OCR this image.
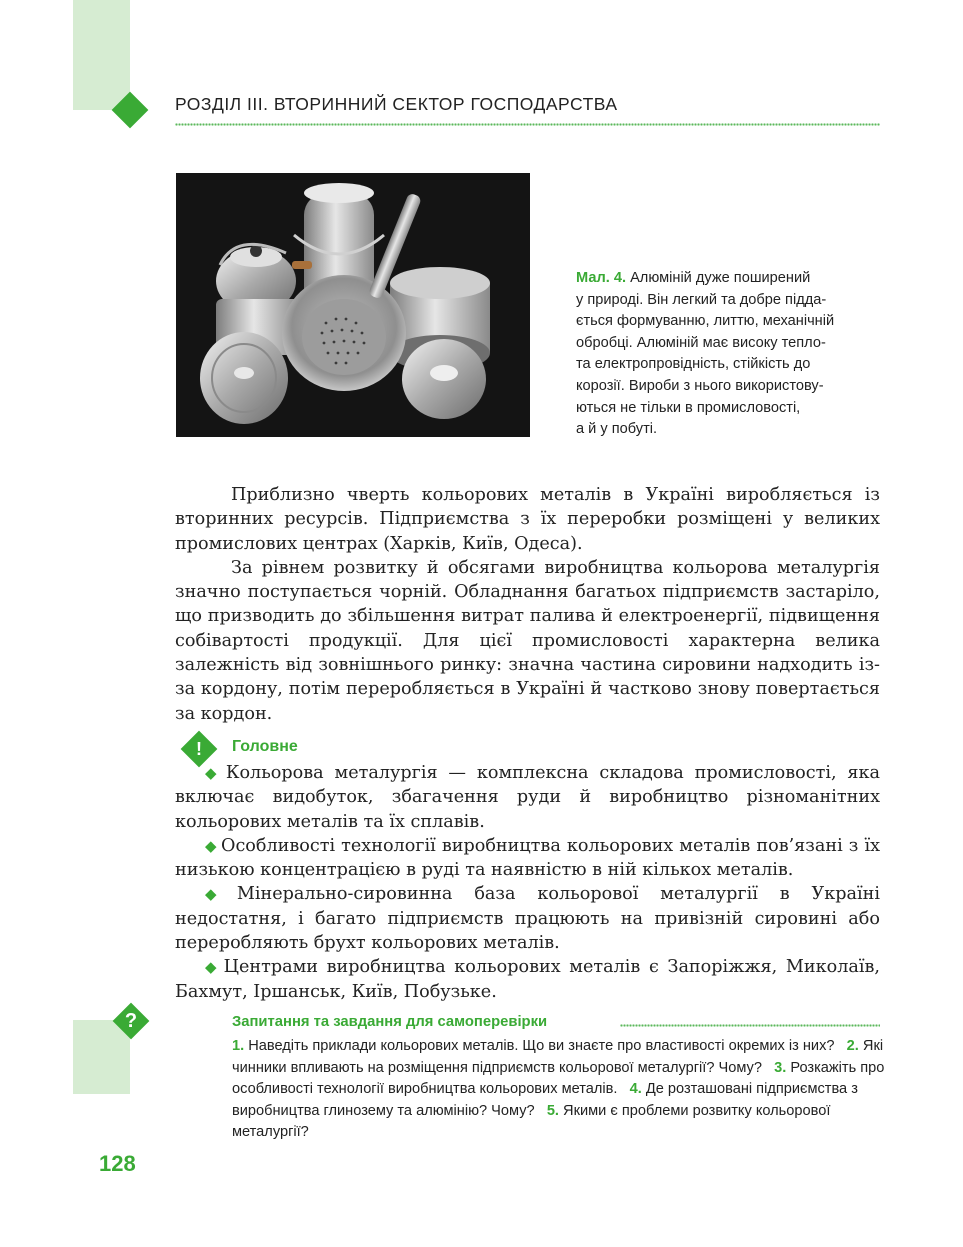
РОЗДІЛ ІІІ. ВТОРИННИЙ СЕКТОР ГОСПОДАРСТВА
Мал. 4. Алюміній дуже поширений
у природі. Він легкий та добре підда-
ється формуванню, литтю, механічній
обробці. Алюміній має високу тепло-
та електропровідність, стійкість до
корозії. Вироби з нього використову-
ються не тільки в промисловості,
а й у побуті.

Приблизно чверть кольорових металів в Україні виробляється із вторинних ресурсів. Підприємства з їх переробки розміщені у великих промислових центрах (Харків, Київ, Одеса).

За рівнем розвитку й обсягами виробництва кольорова металургія значно поступається чорній. Обладнання багатьох підприємств застаріло, що призводить до збільшення витрат палива й електроенергії, підвищення собівартості продукції. Для цієї промисловості характерна велика залежність від зовнішнього ринку: значна частина сировини надходить із-за кордону, потім переробляється в Україні й частково знову повертається за кордон.

!	Головне

◆ Кольорова металургія — комплексна складова промисловості, яка включає видобуток, збагачення руди й виробництво різноманітних кольорових металів та їх сплавів.

◆ Особливості технології виробництва кольорових металів пов’язані з їх низькою концентрацією в руді та наявністю в ній кількох металів.

◆ Мінерально-сировинна база кольорової металургії в Україні недостатня, і багато підприємств працюють на привізній сировині або переробляють брухт кольорових металів.

◆ Центрами виробництва кольорових металів є Запоріжжя, Миколаїв, Бахмут, Іршанськ, Київ, Побузьке.

?	Запитання та завдання для самоперевірки
1. Наведіть приклади кольорових металів. Що ви знаєте про властивості окремих із них? 2. Які чинники впливають на розміщення підприємств кольорової металургії? Чому? 3. Розкажіть про особливості технології виробництва кольорових металів. 4. Де розташовані підприємства з виробництва глинозему та алюмінію? Чому? 5. Якими є проблеми розвитку кольорової металургії?
128
